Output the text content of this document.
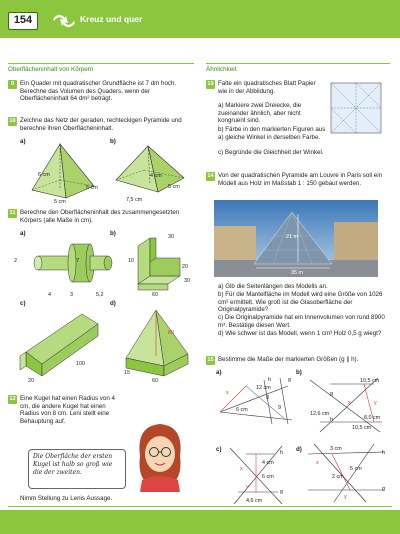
154	Kreuz und quer
Oberflächeninhalt von Körpern	Ähnlichkeit
9 Ein Quader mit quadratischer Grundfläche ist 7 dm hoch. Berechne das Volumen des Quaders, wenn der Oberflächeninhalt 64 dm² beträgt.
10 Zeichne das Netz der geraden, rechteckigen Pyramide und berechne ihren Oberflächeninhalt.
a)	b)
6 cm
5 cm
5 cm
4 cm
5 cm
7,5 cm
11 Berechne den Oberflächeninhalt des zusammengesetzten Körpers (alle Maße in cm).
a)	b)
2	7
4	3	5,2
30
10
20
30
60
c)	d)
100
20
80
15
60
12 Eine Kugel hat einen Radius von 4 cm, die andere Kugel hat einen Radius von 8 cm. Leni stellt eine Behauptung auf.
Die Oberfläche der ersten Kugel ist halb so groß wie die der zweiten.
Nimm Stellung zu Lenis Aussage.
13 Falte ein quadratisches Blatt Papier wie in der Abbildung.
a) Markiere zwei Dreiecke, die zueinander ähnlich, aber nicht kongruent sind.
b) Färbe in den markierten Figuren aus a) gleiche Winkel in derselben Farbe.
c) Begründe die Gleichheit der Winkel.
14 Von der quadratischen Pyramide am Louvre in Paris soll ein Modell aus Holz im Maßstab 1 : 150 gebaut werden.
21 m
35 m
a) Gib die Seitenlängen des Modells an.
b) Für die Mantelfläche im Modell wird eine Größe von 1026 cm² ermittelt. Wie groß ist die Glasoberfläche der Originalpyramide?
c) Die Originalpyramide hat ein Innenvolumen von rund 8900 m³. Bestätige diesen Wert.
d) Wie schwer ist das Modell, wenn 1 cm³ Holz 0,5 g wiegt?
15 Bestimme die Maße der markierten Größen (g ∥ h).
a)	b)
12 cm
6 cm
8
9
h	g
x
y
10,5 cm
12,6 cm
8,0 cm
10,5 cm
g
h
x	y
c)	d)
4 cm
6 cm
4,6 cm
h
g
x
y
3 cm
5 cm
2 cm
h
g
x
y
